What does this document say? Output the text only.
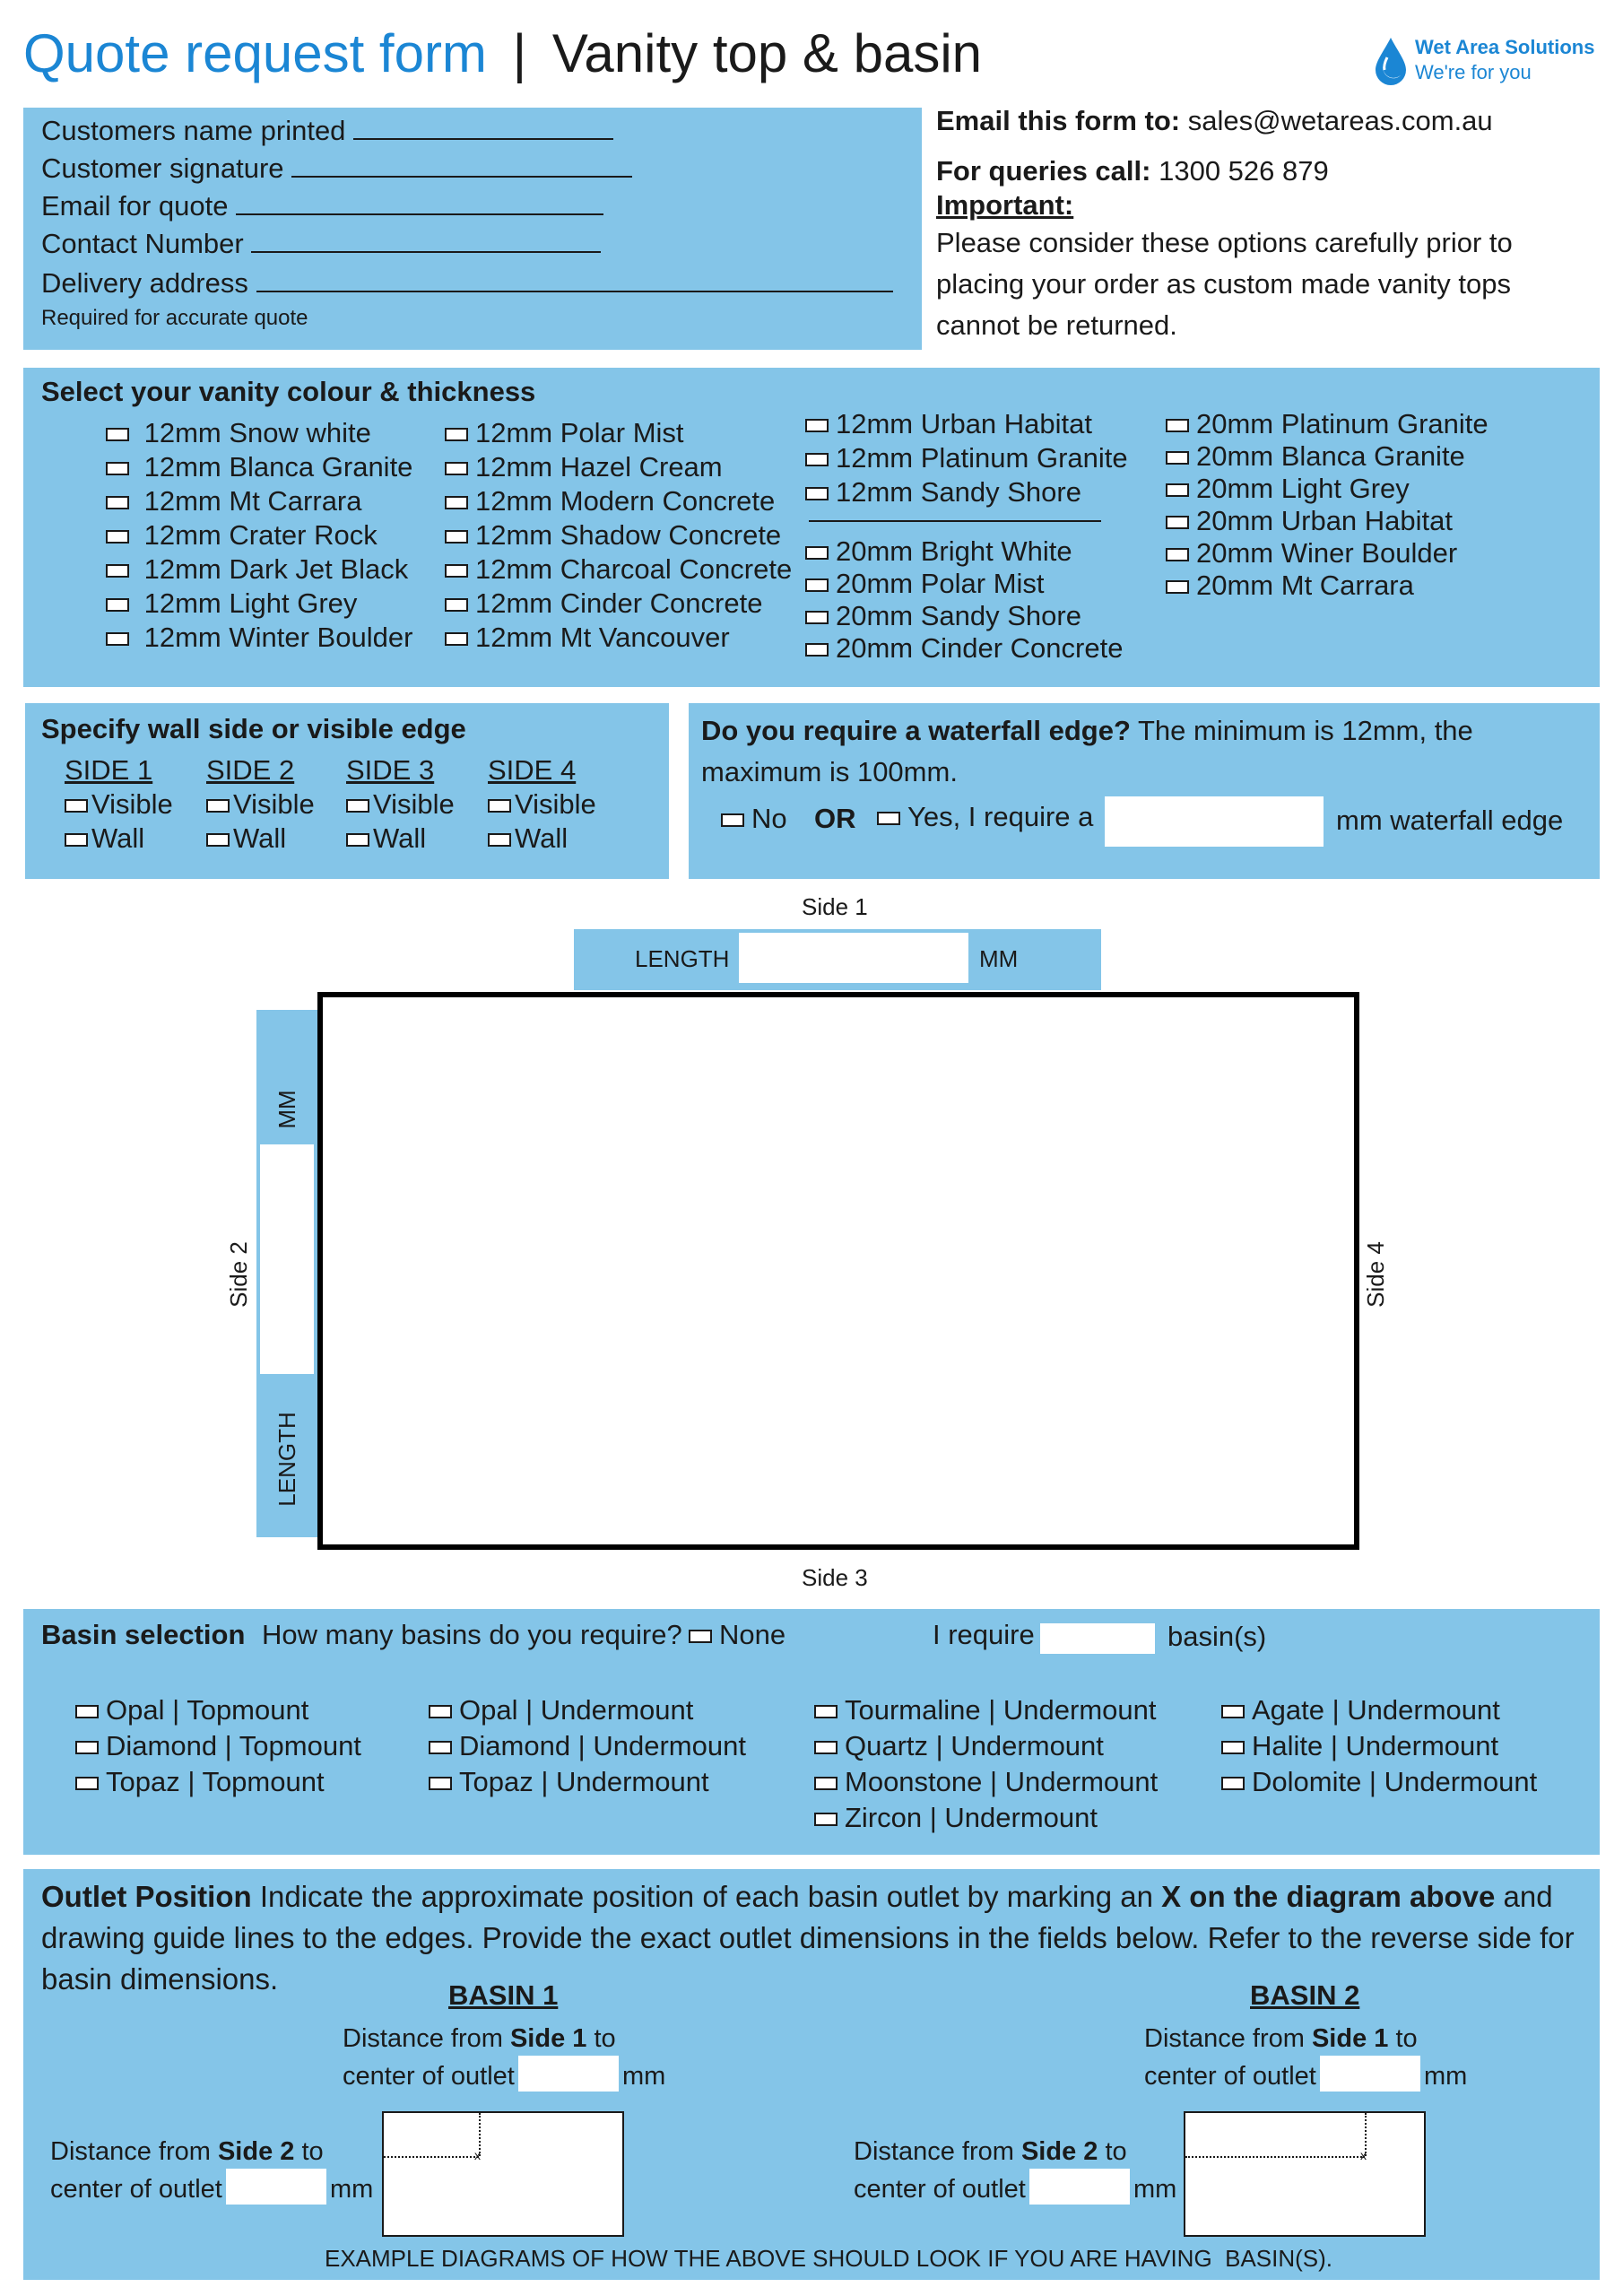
Quote request form | Vanity top & basin	Wet Area Solutions
We're for you
Customers name printed
Customer signature
Email for quote
Contact Number
Delivery address
Required for accurate quote
Email this form to: sales@wetareas.com.au
For queries call: 1300 526 879
Important:
Please consider these options carefully prior to placing your order as custom made vanity tops cannot be returned.
Select your vanity colour & thickness
12mm Snow white
12mm Blanca Granite
12mm Mt Carrara
12mm Crater Rock
12mm Dark Jet Black
12mm Light Grey
12mm Winter Boulder
12mm Polar Mist
12mm Hazel Cream
12mm Modern Concrete
12mm Shadow Concrete
12mm Charcoal Concrete
12mm Cinder Concrete
12mm Mt Vancouver
12mm Urban Habitat
12mm Platinum Granite
12mm Sandy Shore
20mm Bright White
20mm Polar Mist
20mm Sandy Shore
20mm Cinder Concrete
20mm Platinum Granite
20mm Blanca Granite
20mm Light Grey
20mm Urban Habitat
20mm Winer Boulder
20mm Mt Carrara
Specify wall side or visible edge
SIDE 1
Visible
Wall
SIDE 2
Visible
Wall
SIDE 3
Visible
Wall
SIDE 4
Visible
Wall
Do you require a waterfall edge? The minimum is 12mm, the maximum is 100mm.
No OR	Yes, I require a	mm waterfall edge
Side 1
LENGTH	MM
MM
LENGTH
Side 2	Side 4
Side 3
Basin selection How many basins do you require?	None	I require	basin(s)
Opal | Topmount
Diamond | Topmount
Topaz | Topmount
Opal | Undermount
Diamond | Undermount
Topaz | Undermount
Tourmaline | Undermount
Quartz | Undermount
Moonstone | Undermount
Zircon | Undermount
Agate | Undermount
Halite | Undermount
Dolomite | Undermount
Outlet Position Indicate the approximate position of each basin outlet by marking an X on the diagram above and drawing guide lines to the edges. Provide the exact outlet dimensions in the fields below. Refer to the reverse side for basin dimensions.	BASIN 1
Distance from Side 1 to
center of outlet	mm
Distance from Side 2 to
center of outlet	mm
x
BASIN 2
Distance from Side 1 to
center of outlet	mm
Distance from Side 2 to
center of outlet	mm
x
EXAMPLE DIAGRAMS OF HOW THE ABOVE SHOULD LOOK IF YOU ARE HAVING  BASIN(S).
